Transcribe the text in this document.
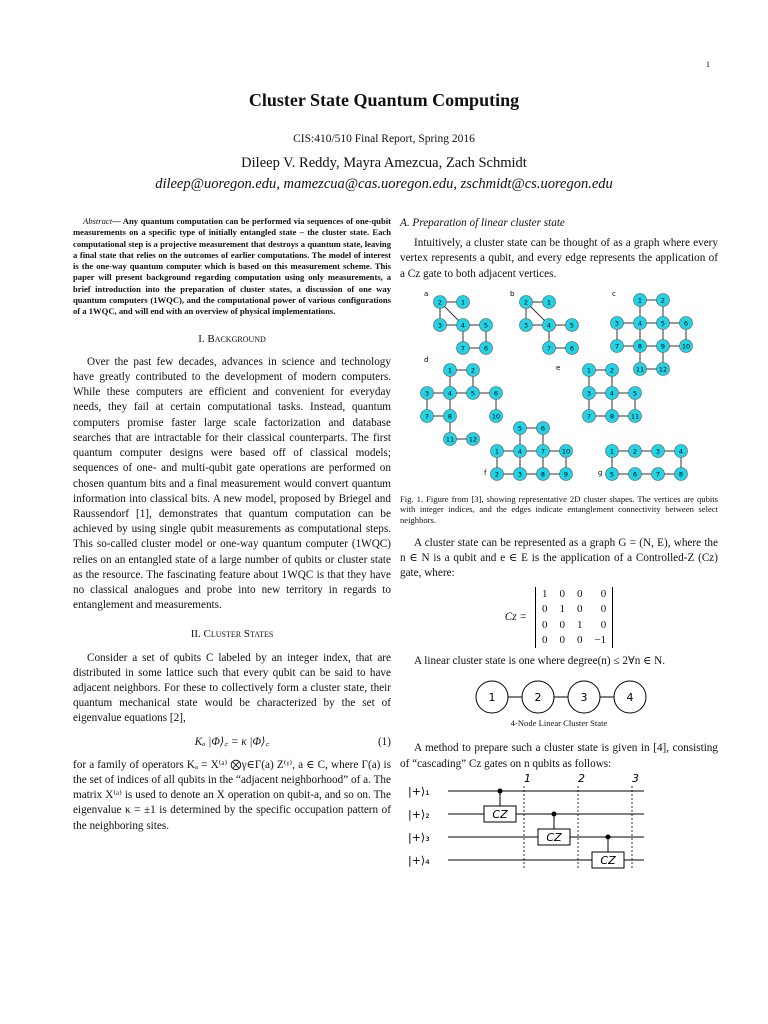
1
Cluster State Quantum Computing
CIS:410/510 Final Report, Spring 2016
Dileep V. Reddy, Mayra Amezcua, Zach Schmidt
dileep@uoregon.edu, mamezcua@cas.uoregon.edu, zschmidt@cs.uoregon.edu

Abstract— Any quantum computation can be performed via sequences of one-qubit measurements on a specific type of initially entangled state – the cluster state. Each computational step is a projective measurement that destroys a quantum state, leaving a final state that relies on the outcomes of earlier computations. The model of interest is the one-way quantum computer which is based on this measurement scheme. This paper will present background regarding computation using only measurements, a brief introduction into the preparation of cluster states, a discussion of one way quantum computers (1WQC), and the computational power of various configurations of a 1WQC, and will end with an overview of physical implementations.

I. Background

Over the past few decades, advances in science and technology have greatly contributed to the development of modern computers. While these computers are efficient and convenient for everyday needs, they fail at certain computational tasks. Instead, quantum computers promise faster large scale factorization and database searches that are intractable for their classical counterparts. The first quantum computer designs were based off of classical models; sequences of one- and multi-qubit gate operations are performed on chosen quantum bits and a final measurement would convert quantum information into classical bits. A new model, proposed by Briegel and Raussendorf [1], demonstrates that quantum computation can be achieved by using single qubit measurements as computational steps. This so-called cluster model or one-way quantum computer (1WQC) relies on an entangled state of a large number of qubits or cluster state as the resource. The fascinating feature about 1WQC is that they have no classical analogues and probe into new territory in regards to entanglement and measurements.

II. Cluster States

Consider a set of qubits C labeled by an integer index, that are distributed in some lattice such that every qubit can be said to have adjacent neighbors. For these to collectively form a cluster state, their quantum mechanical state would be characterized by the set of eigenvalue equations [2],

Kₐ |Φ⟩꜀ = κ |Φ⟩꜀	(1)

for a family of operators Kₐ = X⁽ᵃ⁾ ⨂γ∈Γ(a) Z⁽ᵞ⁾, a ∈ C, where Γ(a) is the set of indices of all qubits in the “adjacent neighborhood” of a. The matrix X⁽ᵃ⁾ is used to denote an X operation on qubit-a, and so on. The eigenvalue κ = ±1 is determined by the specific occupation pattern of the neighboring sites.

A. Preparation of linear cluster state

Intuitively, a cluster state can be thought of as a graph where every vertex represents a qubit, and every edge represents the application of a Cz gate to both adjacent vertices.

2	1
3	4	5
7	6
a
2	1
3	4	5
7	6
b
1	2
3	4	5	6
7	8	9	10
11 12
c
1	2
3	4	5	6
7	8	10
11 12
d
1	2
3	4	5
7	8	11
e
5	6
1	4	7	10
2	3	8	9
f
1	2	3	4
5	6	7	8
g
Fig. 1. Figure from [3], showing representative 2D cluster shapes. The vertices are qubits with integer indices, and the edges indicate entanglement connectivity between select neighbors.

A cluster state can be represented as a graph G = (N, E), where the n ∈ N is a qubit and e ∈ E is the application of a Controlled-Z (Cz) gate, where:

Cz =
1	0	0	0
0	1	0	0
0	0	1	0
0	0	0	−1

A linear cluster state is one where degree(n) ≤ 2∀n ∈ N.

1	2	3	4
4-Node Linear Cluster State

A method to prepare such a cluster state is given in [4], consisting of “cascading” Cz gates on n qubits as follows:

|+⟩₁
|+⟩₂
|+⟩₃
|+⟩₄
1	2	3
CZ
CZ
CZ
